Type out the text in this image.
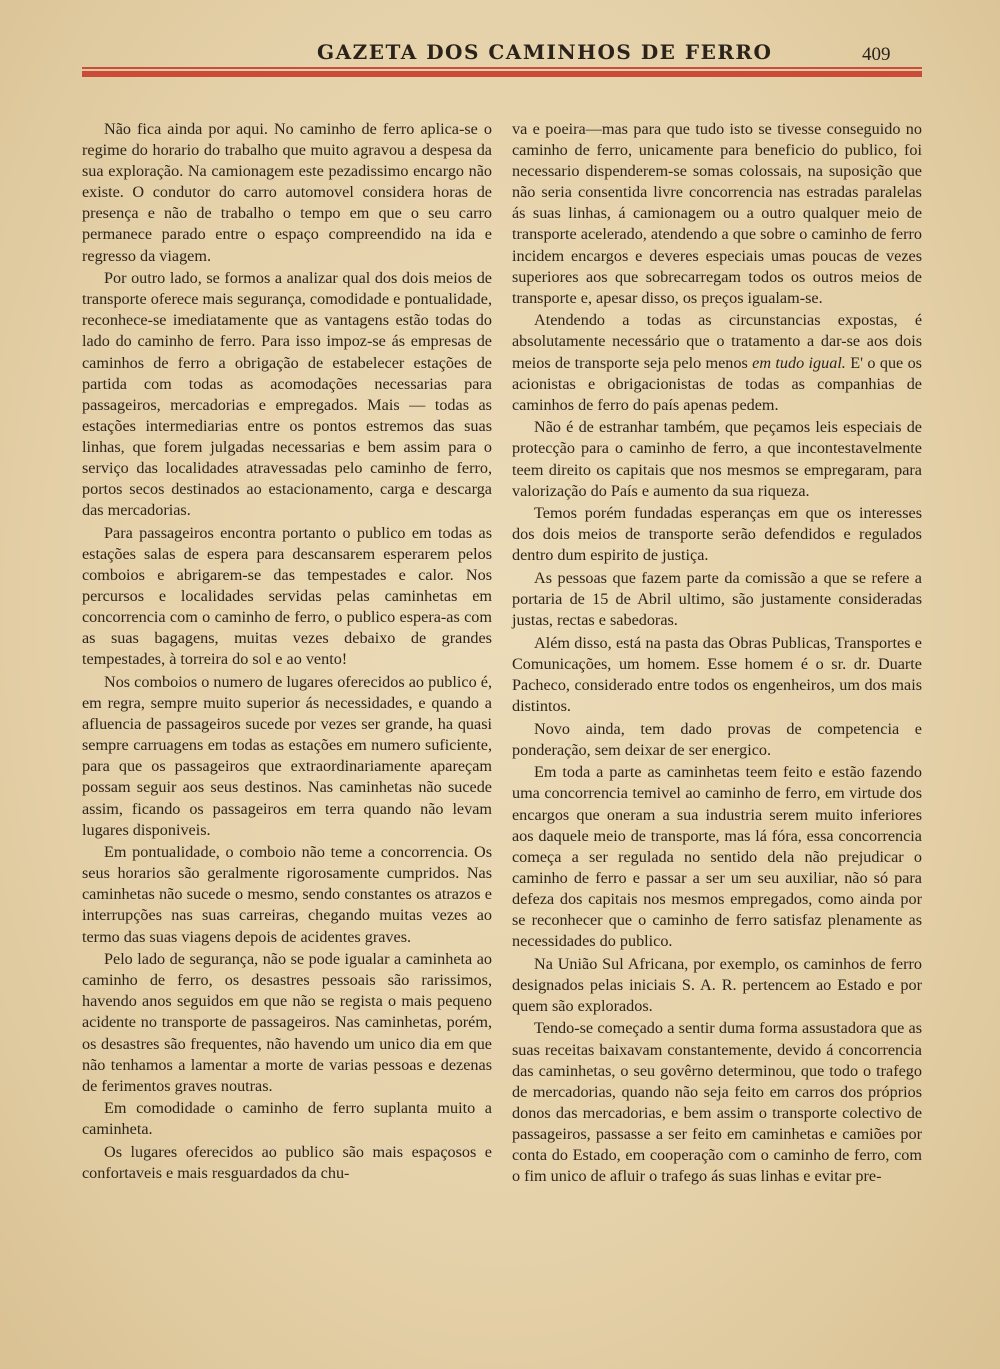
GAZETA DOS CAMINHOS DE FERRO	409

Não fica ainda por aqui. No caminho de ferro aplica-se o regime do horario do trabalho que muito agravou a despesa da sua exploração. Na camionagem este pezadissimo encargo não existe. O condutor do carro automovel considera horas de presença e não de trabalho o tempo em que o seu carro permanece parado entre o espaço compreendido na ida e regresso da viagem.

Por outro lado, se formos a analizar qual dos dois meios de transporte oferece mais segurança, comodidade e pontualidade, reconhece-se imediatamente que as vantagens estão todas do lado do caminho de ferro. Para isso impoz-se ás empresas de caminhos de ferro a obrigação de estabelecer estações de partida com todas as acomodações necessarias para passageiros, mercadorias e empregados. Mais — todas as estações intermediarias entre os pontos estremos das suas linhas, que forem julgadas necessarias e bem assim para o serviço das localidades atravessadas pelo caminho de ferro, portos secos destinados ao estacionamento, carga e descarga das mercadorias.

Para passageiros encontra portanto o publico em todas as estações salas de espera para descansarem esperarem pelos comboios e abrigarem-se das tempestades e calor. Nos percursos e localidades servidas pelas caminhetas em concorrencia com o caminho de ferro, o publico espera-as com as suas bagagens, muitas vezes debaixo de grandes tempestades, à torreira do sol e ao vento!

Nos comboios o numero de lugares oferecidos ao publico é, em regra, sempre muito superior ás necessidades, e quando a afluencia de passageiros sucede por vezes ser grande, ha quasi sempre carruagens em todas as estações em numero suficiente, para que os passageiros que extraordinariamente apareçam possam seguir aos seus destinos. Nas caminhetas não sucede assim, ficando os passageiros em terra quando não levam lugares disponiveis.

Em pontualidade, o comboio não teme a concorrencia. Os seus horarios são geralmente rigorosamente cumpridos. Nas caminhetas não sucede o mesmo, sendo constantes os atrazos e interrupções nas suas carreiras, chegando muitas vezes ao termo das suas viagens depois de acidentes graves.

Pelo lado de segurança, não se pode igualar a caminheta ao caminho de ferro, os desastres pessoais são rarissimos, havendo anos seguidos em que não se regista o mais pequeno acidente no transporte de passageiros. Nas caminhetas, porém, os desastres são frequentes, não havendo um unico dia em que não tenhamos a lamentar a morte de varias pessoas e dezenas de ferimentos graves noutras.

Em comodidade o caminho de ferro suplanta muito a caminheta.

Os lugares oferecidos ao publico são mais espaçosos e confortaveis e mais resguardados da chu-

va e poeira—mas para que tudo isto se tivesse conseguido no caminho de ferro, unicamente para beneficio do publico, foi necessario dispenderem-se somas colossais, na suposição que não seria consentida livre concorrencia nas estradas paralelas ás suas linhas, á camionagem ou a outro qualquer meio de transporte acelerado, atendendo a que sobre o caminho de ferro incidem encargos e deveres especiais umas poucas de vezes superiores aos que sobrecarregam todos os outros meios de transporte e, apesar disso, os preços igualam-se.

Atendendo a todas as circunstancias expostas, é absolutamente necessário que o tratamento a dar-se aos dois meios de transporte seja pelo menos em tudo igual. E' o que os acionistas e obrigacionistas de todas as companhias de caminhos de ferro do país apenas pedem.

Não é de estranhar também, que peçamos leis especiais de protecção para o caminho de ferro, a que incontestavelmente teem direito os capitais que nos mesmos se empregaram, para valorização do País e aumento da sua riqueza.

Temos porém fundadas esperanças em que os interesses dos dois meios de transporte serão defendidos e regulados dentro dum espirito de justiça.

As pessoas que fazem parte da comissão a que se refere a portaria de 15 de Abril ultimo, são justamente consideradas justas, rectas e sabedoras.

Além disso, está na pasta das Obras Publicas, Transportes e Comunicações, um homem. Esse homem é o sr. dr. Duarte Pacheco, considerado entre todos os engenheiros, um dos mais distintos.

Novo ainda, tem dado provas de competencia e ponderação, sem deixar de ser energico.

Em toda a parte as caminhetas teem feito e estão fazendo uma concorrencia temivel ao caminho de ferro, em virtude dos encargos que oneram a sua industria serem muito inferiores aos daquele meio de transporte, mas lá fóra, essa concorrencia começa a ser regulada no sentido dela não prejudicar o caminho de ferro e passar a ser um seu auxiliar, não só para defeza dos capitais nos mesmos empregados, como ainda por se reconhecer que o caminho de ferro satisfaz plenamente as necessidades do publico.

Na União Sul Africana, por exemplo, os caminhos de ferro designados pelas iniciais S. A. R. pertencem ao Estado e por quem são explorados.

Tendo-se começado a sentir duma forma assustadora que as suas receitas baixavam constantemente, devido á concorrencia das caminhetas, o seu govêrno determinou, que todo o trafego de mercadorias, quando não seja feito em carros dos próprios donos das mercadorias, e bem assim o transporte colectivo de passageiros, passasse a ser feito em caminhetas e camiões por conta do Estado, em cooperação com o caminho de ferro, com o fim unico de afluir o trafego ás suas linhas e evitar pre-
